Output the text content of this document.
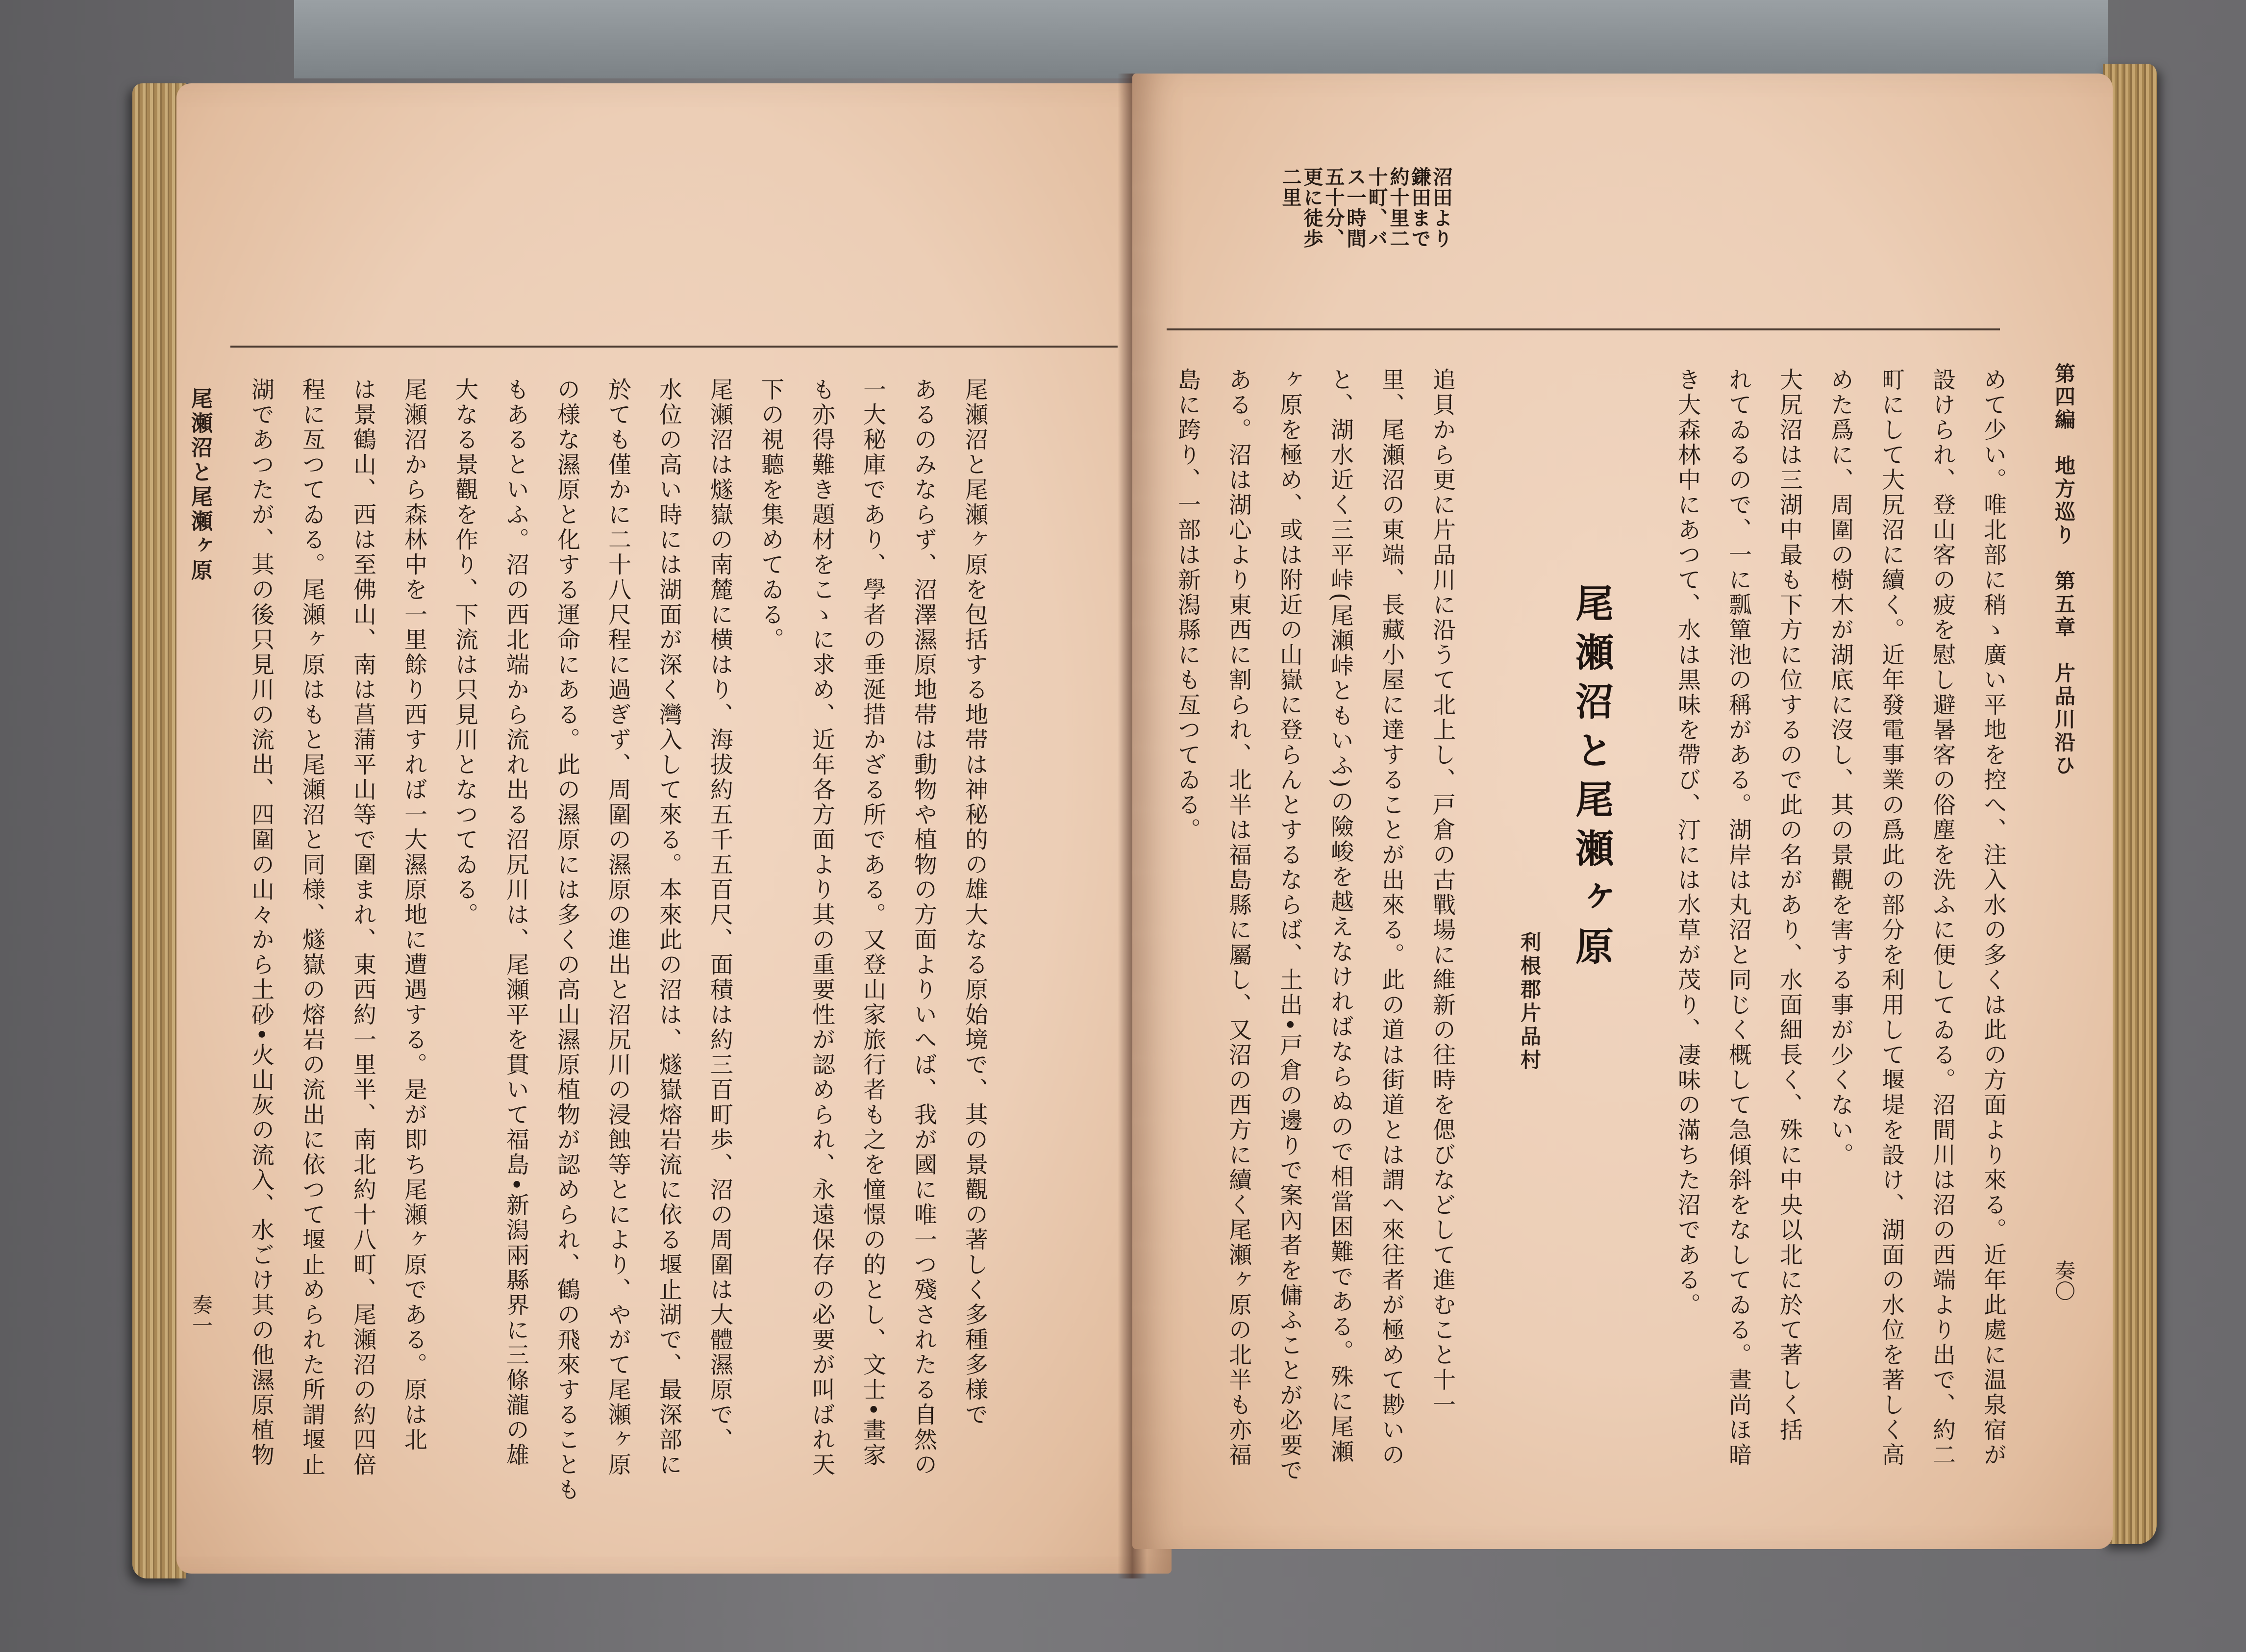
尾瀬沼と尾瀬ヶ原を包括する地帯は神秘的の雄大なる原始境で、其の景觀の著しく多種多様で

あるのみならず、沼澤濕原地帯は動物や植物の方面よりいへば、我が國に唯一つ殘されたる自然の

一大秘庫であり、學者の垂涎措かざる所である。又登山家旅行者も之を憧憬の的とし、文士•畫家

も亦得難き題材をこゝに求め、近年各方面より其の重要性が認められ、永遠保存の必要が叫ばれ天

下の視聽を集めてゐる。

尾瀬沼は燧嶽の南麓に横はり、海拔約五千五百尺、面積は約三百町歩、沼の周圍は大體濕原で、

水位の高い時には湖面が深く灣入して來る。本來此の沼は、燧嶽熔岩流に依る堰止湖で、最深部に

於ても僅かに二十八尺程に過ぎず、周圍の濕原の進出と沼尻川の浸蝕等とにより、やがて尾瀬ヶ原

の様な濕原と化する運命にある。此の濕原には多くの高山濕原植物が認められ、鶴の飛來することも

もあるといふ。沼の西北端から流れ出る沼尻川は、尾瀬平を貫いて福島•新潟兩縣界に三條瀧の雄

大なる景觀を作り、下流は只見川となつてゐる。

尾瀬沼から森林中を一里餘り西すれば一大濕原地に遭遇する。是が即ち尾瀬ヶ原である。原は北

は景鶴山、西は至佛山、南は菖蒲平山等で圍まれ、東西約一里半、南北約十八町、尾瀬沼の約四倍

程に亙つてゐる。尾瀬ヶ原はもと尾瀬沼と同様、燧嶽の熔岩の流出に依つて堰止められた所謂堰止

湖であつたが、其の後只見川の流出、四圍の山々から土砂•火山灰の流入、水ごけ其の他濕原植物

尾瀬沼と尾瀬ヶ原
奏一

沼田より

鎌田まで

約十里二

十町、バ

ス一時間

五十分、

更に徒歩

二里

第四編　地方巡り　第五章　片品川沿ひ
奏〇

めて少い。唯北部に稍ゝ廣い平地を控へ、注入水の多くは此の方面より來る。近年此處に温泉宿が

設けられ、登山客の疲を慰し避暑客の俗塵を洗ふに便してゐる。沼間川は沼の西端より出で、約二

町にして大尻沼に續く。近年發電事業の爲此の部分を利用して堰堤を設け、湖面の水位を著しく高

めた爲に、周圍の樹木が湖底に沒し、其の景觀を害する事が少くない。

大尻沼は三湖中最も下方に位するので此の名があり、水面細長く、殊に中央以北に於て著しく括

れてゐるので、一に瓢簞池の稱がある。湖岸は丸沼と同じく概して急傾斜をなしてゐる。晝尚ほ暗

き大森林中にあつて、水は黒味を帶び、汀には水草が茂り、凄味の滿ちた沼である。

尾瀬沼と尾瀬ヶ原
利根郡片品村

追貝から更に片品川に沿うて北上し、戸倉の古戰場に維新の往時を偲びなどして進むこと十一

里、尾瀬沼の東端、長藏小屋に達することが出來る。此の道は街道とは謂へ來往者が極めて尠いの

と、湖水近く三平峠(尾瀬峠ともいふ)の險峻を越えなければならぬので相當困難である。殊に尾瀬

ヶ原を極め、或は附近の山嶽に登らんとするならば、土出•戸倉の邊りで案內者を傭ふことが必要で

ある。沼は湖心より東西に割られ、北半は福島縣に屬し、又沼の西方に續く尾瀬ヶ原の北半も亦福

島に跨り、一部は新潟縣にも亙つてゐる。
